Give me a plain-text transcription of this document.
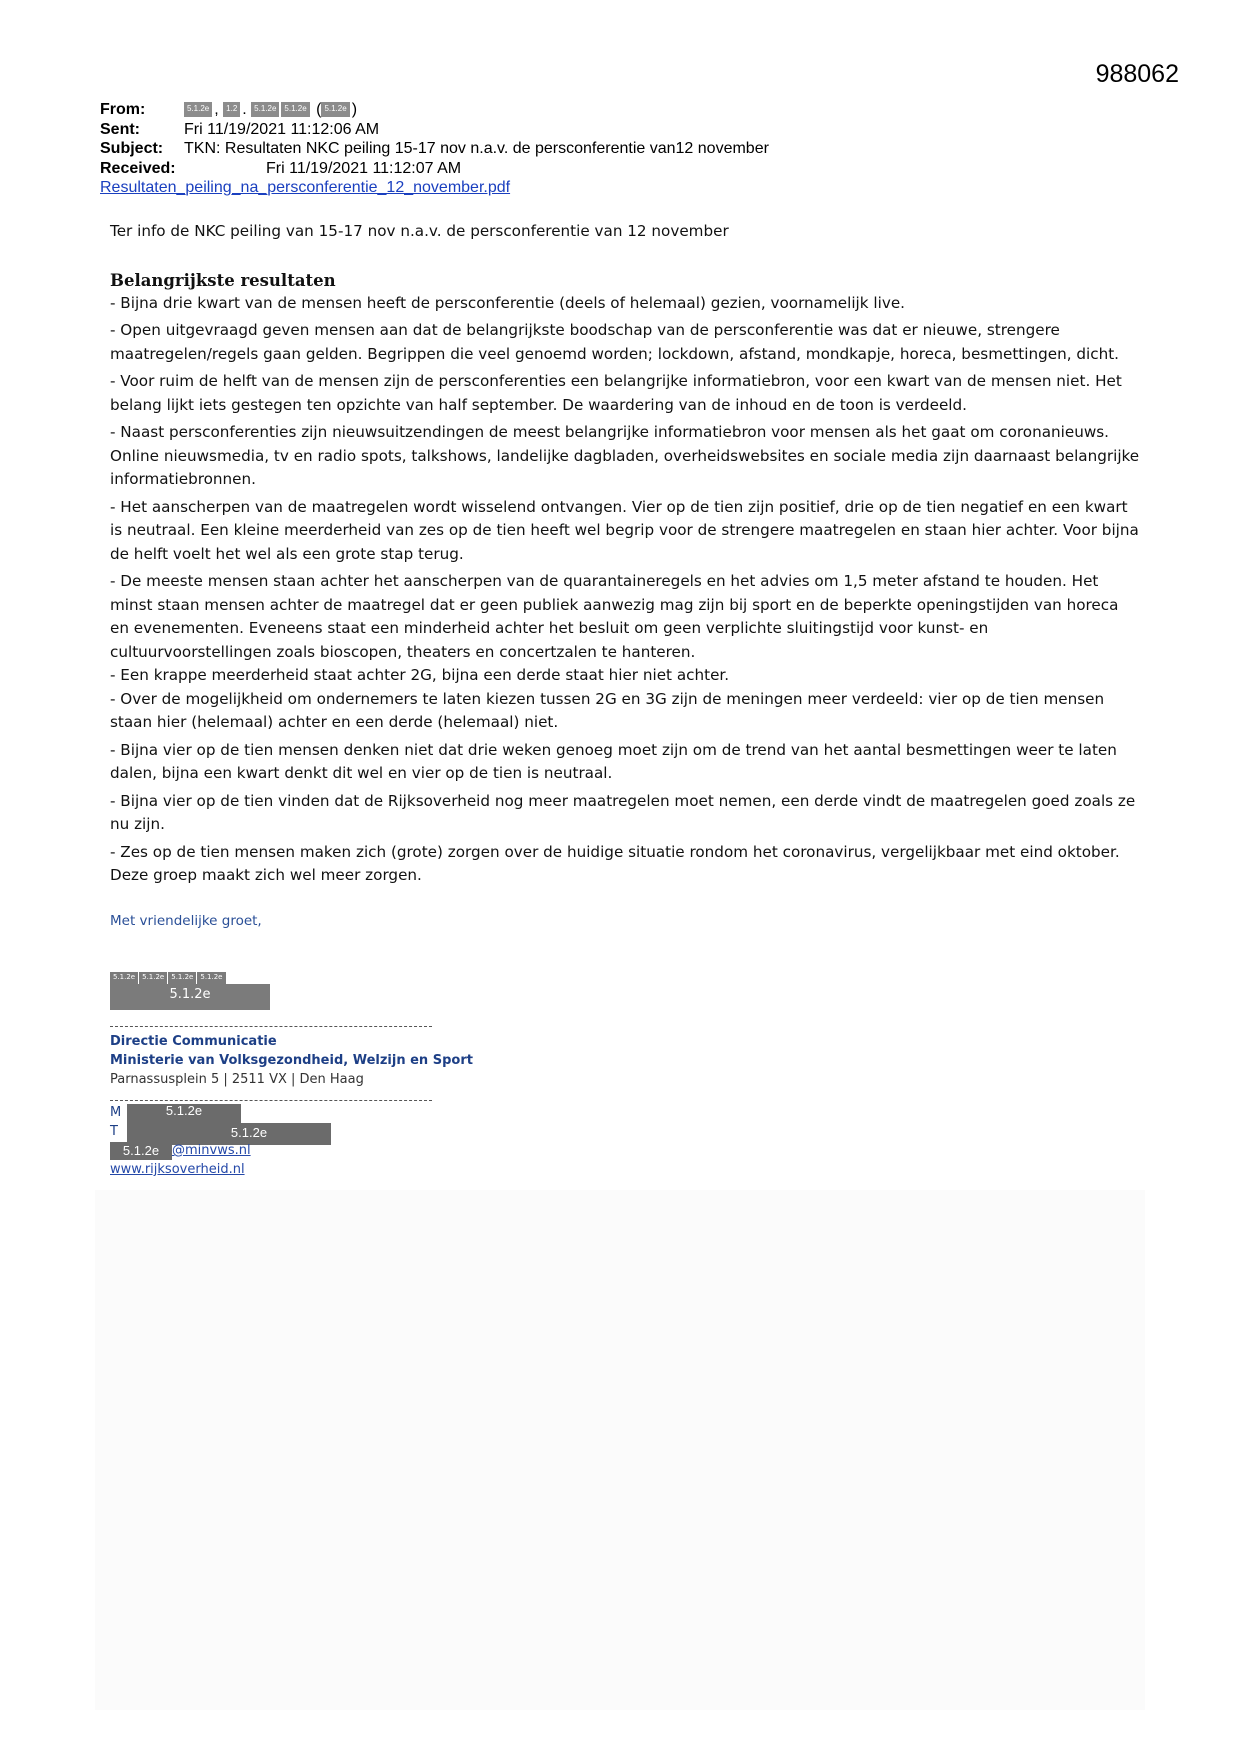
988062
From:	5.1.2e , 1.2 . 5.1.2e 5.1.2e ( 5.1.2e )
Sent:	Fri 11/19/2021 11:12:06 AM
Subject: TKN: Resultaten NKC peiling 15-17 nov n.a.v. de persconferentie van12 november
Received:	Fri 11/19/2021 11:12:07 AM
Resultaten_peiling_na_persconferentie_12_november.pdf

Ter info de NKC peiling van 15-17 nov n.a.v. de persconferentie van 12 november

Belangrijkste resultaten

- Bijna drie kwart van de mensen heeft de persconferentie (deels of helemaal) gezien, voornamelijk live.

- Open uitgevraagd geven mensen aan dat de belangrijkste boodschap van de persconferentie was dat er nieuwe, strengere maatregelen/regels gaan gelden. Begrippen die veel genoemd worden; lockdown, afstand, mondkapje, horeca, besmettingen, dicht.

- Voor ruim de helft van de mensen zijn de persconferenties een belangrijke informatiebron, voor een kwart van de mensen niet. Het belang lijkt iets gestegen ten opzichte van half september. De waardering van de inhoud en de toon is verdeeld.

- Naast persconferenties zijn nieuwsuitzendingen de meest belangrijke informatiebron voor mensen als het gaat om coronanieuws. Online nieuwsmedia, tv en radio spots, talkshows, landelijke dagbladen, overheidswebsites en sociale media zijn daarnaast belangrijke informatiebronnen.

- Het aanscherpen van de maatregelen wordt wisselend ontvangen. Vier op de tien zijn positief, drie op de tien negatief en een kwart is neutraal. Een kleine meerderheid van zes op de tien heeft wel begrip voor de strengere maatregelen en staan hier achter. Voor bijna de helft voelt het wel als een grote stap terug.

- De meeste mensen staan achter het aanscherpen van de quarantaineregels en het advies om 1,5 meter afstand te houden. Het minst staan mensen achter de maatregel dat er geen publiek aanwezig mag zijn bij sport en de beperkte openingstijden van horeca en evenementen. Eveneens staat een minderheid achter het besluit om geen verplichte sluitingstijd voor kunst- en cultuurvoorstellingen zoals bioscopen, theaters en concertzalen te hanteren.

- Een krappe meerderheid staat achter 2G, bijna een derde staat hier niet achter.

- Over de mogelijkheid om ondernemers te laten kiezen tussen 2G en 3G zijn de meningen meer verdeeld: vier op de tien mensen staan hier (helemaal) achter en een derde (helemaal) niet.

- Bijna vier op de tien mensen denken niet dat drie weken genoeg moet zijn om de trend van het aantal besmettingen weer te laten dalen, bijna een kwart denkt dit wel en vier op de tien is neutraal.

- Bijna vier op de tien vinden dat de Rijksoverheid nog meer maatregelen moet nemen, een derde vindt de maatregelen goed zoals ze nu zijn.

- Zes op de tien mensen maken zich (grote) zorgen over de huidige situatie rondom het coronavirus, vergelijkbaar met eind oktober. Deze groep maakt zich wel meer zorgen.

Met vriendelijke groet,
5.1.2e 5.1.2e 5.1.2e 5.1.2e
5.1.2e
Directie Communicatie
Ministerie van Volksgezondheid, Welzijn en Sport
Parnassusplein 5 | 2511 VX | Den Haag
M	5.1.2e
T	5.1.2e
5.1.2e @minvws.nl
www.rijksoverheid.nl
